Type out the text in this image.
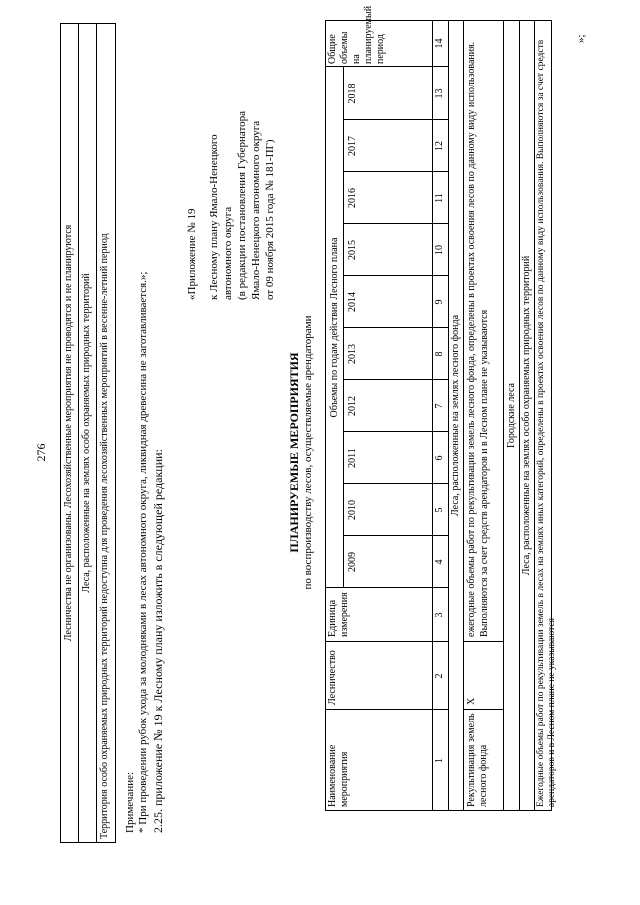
276 Лесничества не организованы. Лесохозяйственные мероприятия не проводятся и не планируются Леса, расположенные на землях особо охраняемых природных территорий Территория особо охраняемых природных территорий недоступна для проведения лесохозяйственных мероприятий в весенне-летний период Примечание: * При проведении рубок ухода за молодняками в лесах автономного округа, ликвидная древесина не заготавливается.»; 2.25. приложение № 19 к Лесному плану изложить в следующей редакции:
«Приложение № 19 к Лесному плану Ямало-Ненецкого автономного округа (в редакции постановления Губернатора Ямало-Ненецкого автономного округа от 09 ноября 2015 года № 181-ПГ)
ПЛАНИРУЕМЫЕ МЕРОПРИЯТИЯ по воспроизводству лесов, осуществляемые арендаторами
Наименование мероприятия
Лесничество
Единица измерения
Объемы по годам действия Лесного плана
Общие объемы на планируемый период
2009
2010
2011
2012
2013
2014
2015
2016
2017
2018
1
2
3
4
5
6
7
8
9
10
11
12
13
14
Леса, расположенные на землях лесного фонда
Рекультивация земель лесного фонда
Х
ежегодные объемы работ по рекультивации земель лесного фонда, определены в проектах освоения лесов по данному виду использования. Выполняются за счет средств арендаторов и в Лесном плане не указываются Городские леса Леса, расположенные на землях особо охраняемых природных территорий Ежегодные объемы работ по рекультивации земель в лесах на землях иных категорий, определены в проектах освоения лесов по данному виду использования. Выполняются за счет средств арендаторов и в Лесном плане не указываются
»;
